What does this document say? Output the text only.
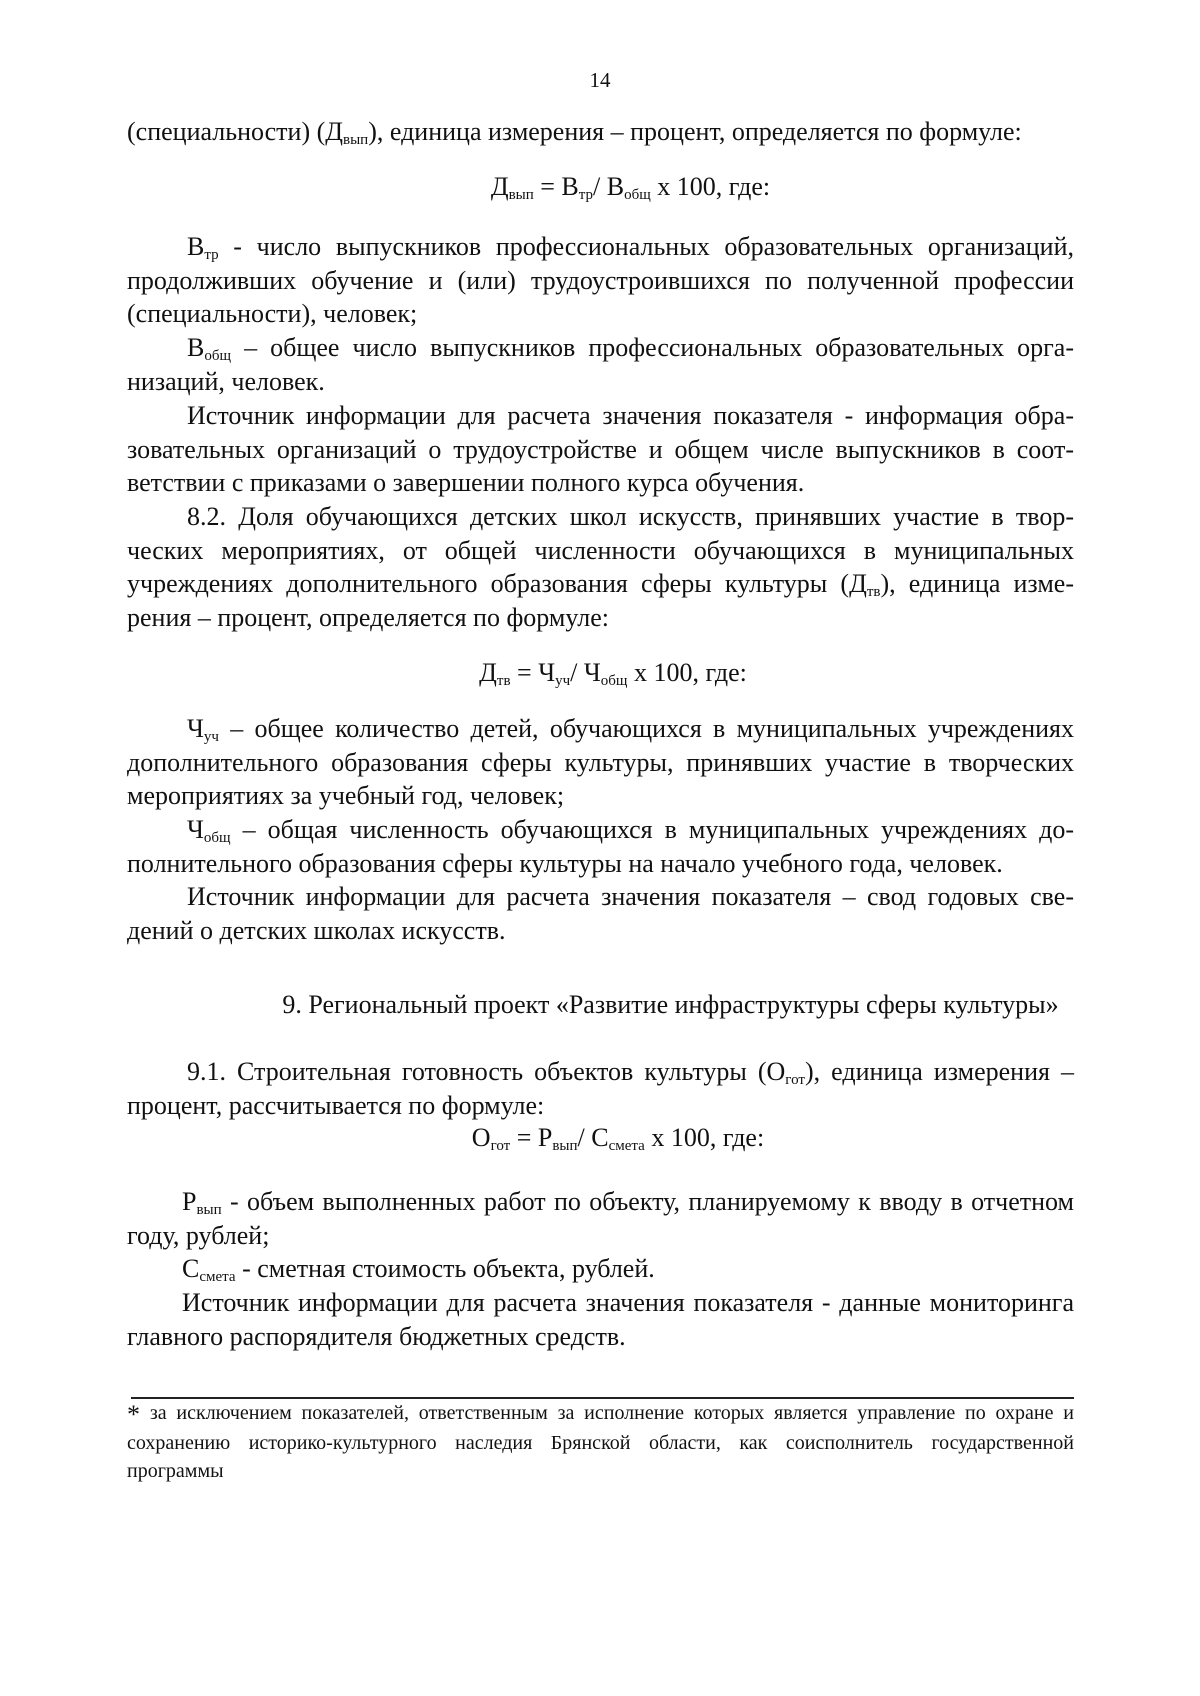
14

(специальности) $(Д_{вып})$, единица измерения – процент, определяется по формуле:

$Д_{вып} = В_{тр}/$ $В_{общ}$ х 100, где:

$В_{тр}$ - число выпускников профессиональных образовательных организаций, продолживших обучение и (или) трудоустроившихся по полученной профессии (специальности), человек;

$В_{общ}$ – общее число выпускников профессиональных образовательных организаций, человек.

Источник информации для расчета значения показателя - информация образовательных организаций о трудоустройстве и общем числе выпускников в соответствии с приказами о завершении полного курса обучения.

8.2. Доля обучающихся детских школ искусств, принявших участие в творческих мероприятиях, от общей численности обучающихся в муниципальных учреждениях дополнительного образования сферы культуры $(Д_{тв})$, единица измерения – процент, определяется по формуле:

$Д_{тв} = Ч_{уч}/$ $Ч_{общ}$ х 100, где:

$Ч_{уч}$ – общее количество детей, обучающихся в муниципальных учреждениях дополнительного образования сферы культуры, принявших участие в творческих мероприятиях за учебный год, человек;

$Ч_{общ}$ – общая численность обучающихся в муниципальных учреждениях дополнительного образования сферы культуры на начало учебного года, человек.

Источник информации для расчета значения показателя – свод годовых сведений о детских школах искусств.

9. Региональный проект «Развитие инфраструктуры сферы культуры»

9.1. Строительная готовность объектов культуры $(О_{гот})$, единица измерения – процент, рассчитывается по формуле:

$О_{гот} = Р_{вып}/$ $С_{смета}$ х 100, где:

$Р_{вып}$ - объем выполненных работ по объекту, планируемому к вводу в отчетном году, рублей;

$С_{смета}$ - сметная стоимость объекта, рублей.

Источник информации для расчета значения показателя - данные мониторинга главного распорядителя бюджетных средств.

* за исключением показателей, ответственным за исполнение которых является управление по охране и сохранению историко-культурного наследия Брянской области, как соисполнитель государственной программы
